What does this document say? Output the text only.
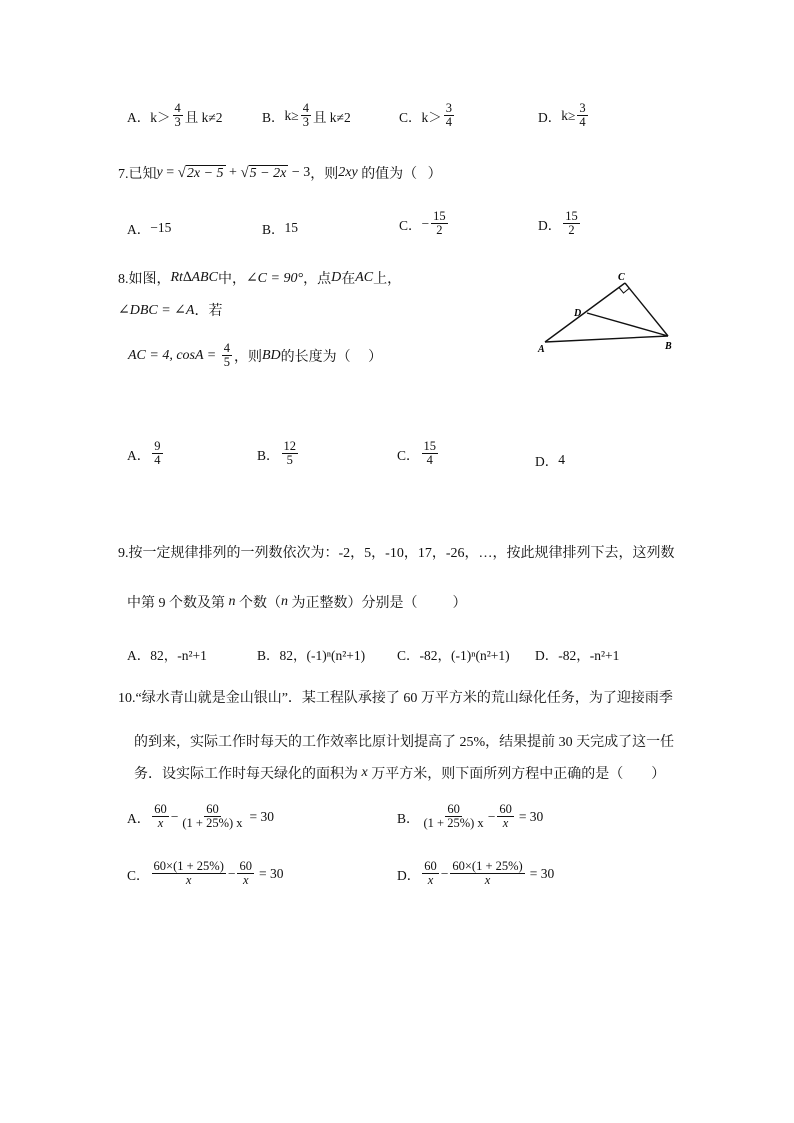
A． $k> \frac{4}{3}$ 且 k≠2	B． $k\ge \frac{4}{3}$ 且 k≠2	C． $k> \frac{3}{4}$	D． $k\ge \frac{3}{4}$
7.已知 y = √ 2x − 5 + √ 5 − 2x − 3 ，则 2xy 的值为（   ）
A． −15	B． 15	C． − $\frac{15}{2}$	D． $\frac{15}{2}$
8.如图， Rt∆ABC 中， ∠C = 90° ，点 D 在 AC 上，
∠DBC = ∠A ．若
AC = 4, $\cos A = \frac{4}{5}$ ，则 BD 的长度为（     ）
C
D
A	B
A． $\frac{9}{4}$	B． $\frac{12}{5}$	C． $\frac{15}{4}$	D． 4
9.按一定规律排列的一列数依次为：-2，5，-10，17，-26，…，按此规律排列下去，这列数
中第 9 个数及第 n 个数（ n 为正整数）分别是（          ）
A．82，-n²+1	B．82，(-1)ⁿ(n²+1) C．-82，(-1)ⁿ(n²+1) D．-82，-n²+1
10.“绿水青山就是金山银山”．某工程队承接了 60 万平方米的荒山绿化任务，为了迎接雨季
的到来，实际工作时每天的工作效率比原计划提高了 25%，结果提前 30 天完成了这一任
务．设实际工作时每天绿化的面积为 x 万平方米，则下面所列方程中正确的是（        ）
A． $\frac{60}{x} - \frac{60}{(1 + 25\%) x} = 30$	B． $\frac{60}{(1 + 25\%) x} - \frac{60}{x} = 30$
C． $\frac{60\times(1 + 25\%)}{x} - \frac{60}{x} = 30$	D． $\frac{60}{x} - \frac{60\times(1 + 25\%)}{x} = 30$
